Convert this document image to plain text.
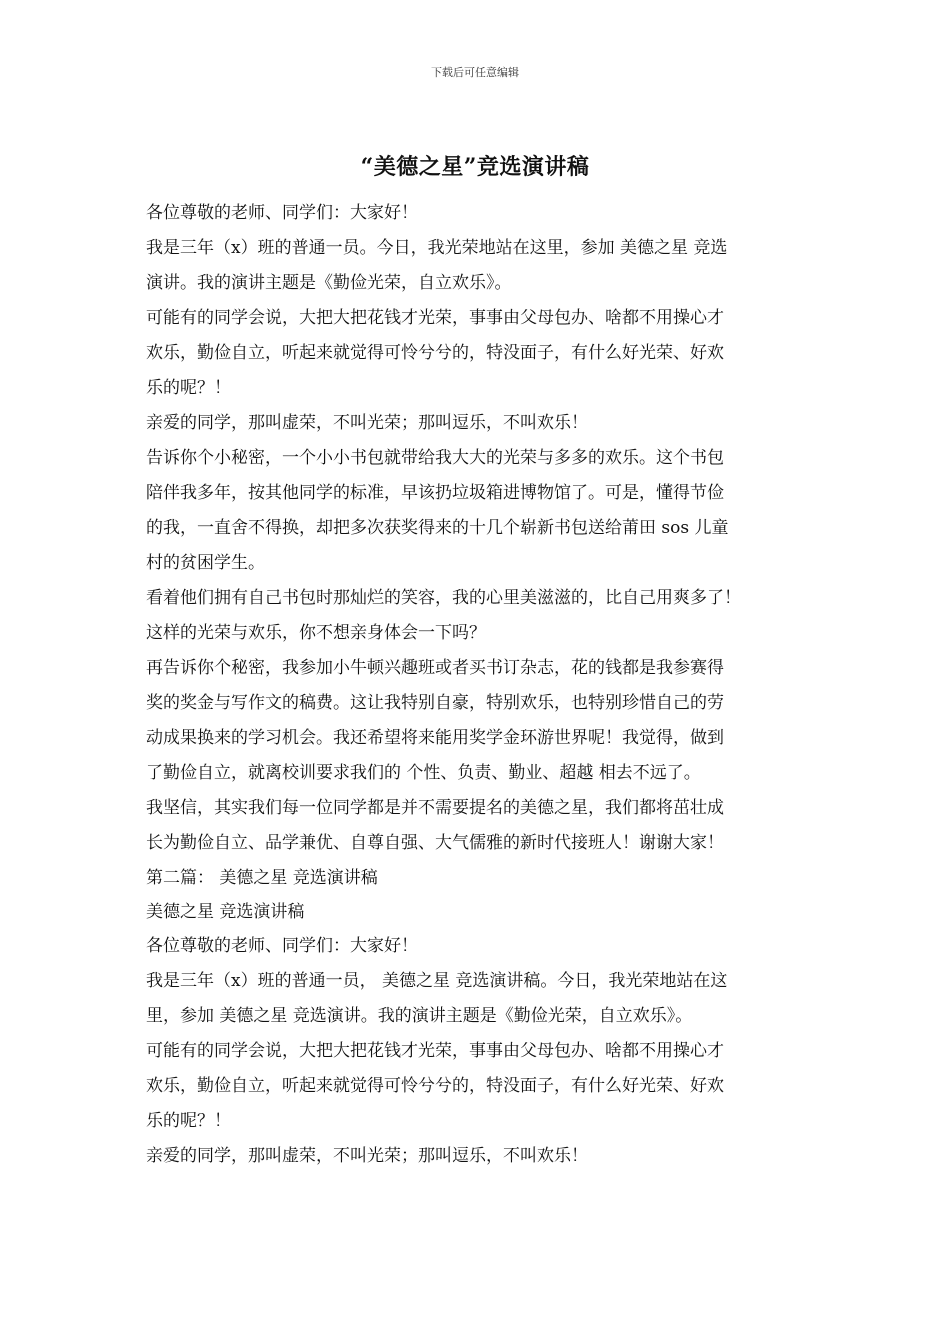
下载后可任意编辑
“美德之星”竞选演讲稿
各位尊敬的老师、同学们：大家好！
我是三年（x）班的普通一员。今日，我光荣地站在这里，参加 美德之星 竞选
演讲。我的演讲主题是《勤俭光荣，自立欢乐》。
可能有的同学会说，大把大把花钱才光荣，事事由父母包办、啥都不用操心才
欢乐，勤俭自立，听起来就觉得可怜兮兮的，特没面子，有什么好光荣、好欢
乐的呢？！
亲爱的同学，那叫虚荣，不叫光荣；那叫逗乐，不叫欢乐！
告诉你个小秘密，一个小小书包就带给我大大的光荣与多多的欢乐。这个书包
陪伴我多年，按其他同学的标准，早该扔垃圾箱进博物馆了。可是，懂得节俭
的我，一直舍不得换，却把多次获奖得来的十几个崭新书包送给莆田 sos 儿童
村的贫困学生。
看着他们拥有自己书包时那灿烂的笑容，我的心里美滋滋的，比自己用爽多了！
这样的光荣与欢乐，你不想亲身体会一下吗？
再告诉你个秘密，我参加小牛顿兴趣班或者买书订杂志，花的钱都是我参赛得
奖的奖金与写作文的稿费。这让我特别自豪，特别欢乐，也特别珍惜自己的劳
动成果换来的学习机会。我还希望将来能用奖学金环游世界呢！我觉得，做到
了勤俭自立，就离校训要求我们的 个性、负责、勤业、超越 相去不远了。
我坚信，其实我们每一位同学都是并不需要提名的美德之星，我们都将茁壮成
长为勤俭自立、品学兼优、自尊自强、大气儒雅的新时代接班人！谢谢大家！
第二篇： 美德之星 竞选演讲稿
美德之星 竞选演讲稿
各位尊敬的老师、同学们：大家好！
我是三年（x）班的普通一员， 美德之星 竞选演讲稿。今日，我光荣地站在这
里，参加 美德之星 竞选演讲。我的演讲主题是《勤俭光荣，自立欢乐》。
可能有的同学会说，大把大把花钱才光荣，事事由父母包办、啥都不用操心才
欢乐，勤俭自立，听起来就觉得可怜兮兮的，特没面子，有什么好光荣、好欢
乐的呢？！
亲爱的同学，那叫虚荣，不叫光荣；那叫逗乐，不叫欢乐！
